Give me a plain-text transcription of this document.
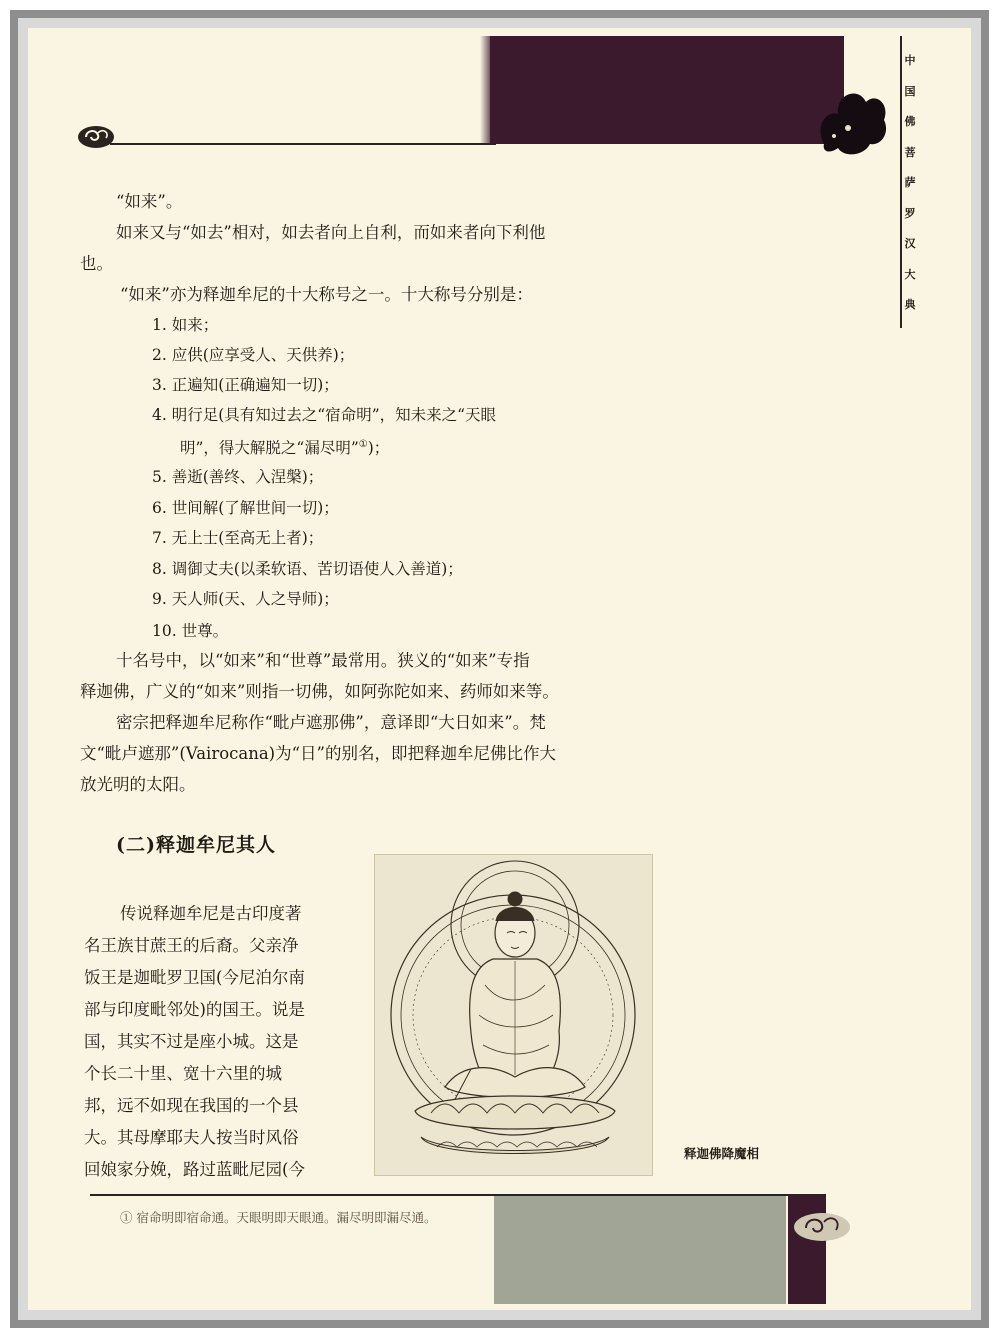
中
国
佛
菩
萨
罗
汉
大
典
“如来”。
如来又与“如去”相对，如去者向上自利，而如来者向下利他
也。
“如来”亦为释迦牟尼的十大称号之一。十大称号分别是：
1. 如来；
2. 应供(应享受人、天供养)；
3. 正遍知(正确遍知一切)；
4. 明行足(具有知过去之“宿命明”，知未来之“天眼
明”，得大解脱之“漏尽明”①)；
5. 善逝(善终、入涅槃)；
6. 世间解(了解世间一切)；
7. 无上士(至高无上者)；
8. 调御丈夫(以柔软语、苦切语使人入善道)；
9. 天人师(天、人之导师)；
10. 世尊。
十名号中，以“如来”和“世尊”最常用。狭义的“如来”专指
释迦佛，广义的“如来”则指一切佛，如阿弥陀如来、药师如来等。
密宗把释迦牟尼称作“毗卢遮那佛”，意译即“大日如来”。梵
文“毗卢遮那”(Vairocana)为“日”的别名，即把释迦牟尼佛比作大
放光明的太阳。
(二)释迦牟尼其人
传说释迦牟尼是古印度著
名王族甘蔗王的后裔。父亲净
饭王是迦毗罗卫国(今尼泊尔南
部与印度毗邻处)的国王。说是
国，其实不过是座小城。这是
个长二十里、宽十六里的城
邦，远不如现在我国的一个县
大。其母摩耶夫人按当时风俗
回娘家分娩，路过蓝毗尼园(今
释迦佛降魔相
① 宿命明即宿命通。天眼明即天眼通。漏尽明即漏尽通。
